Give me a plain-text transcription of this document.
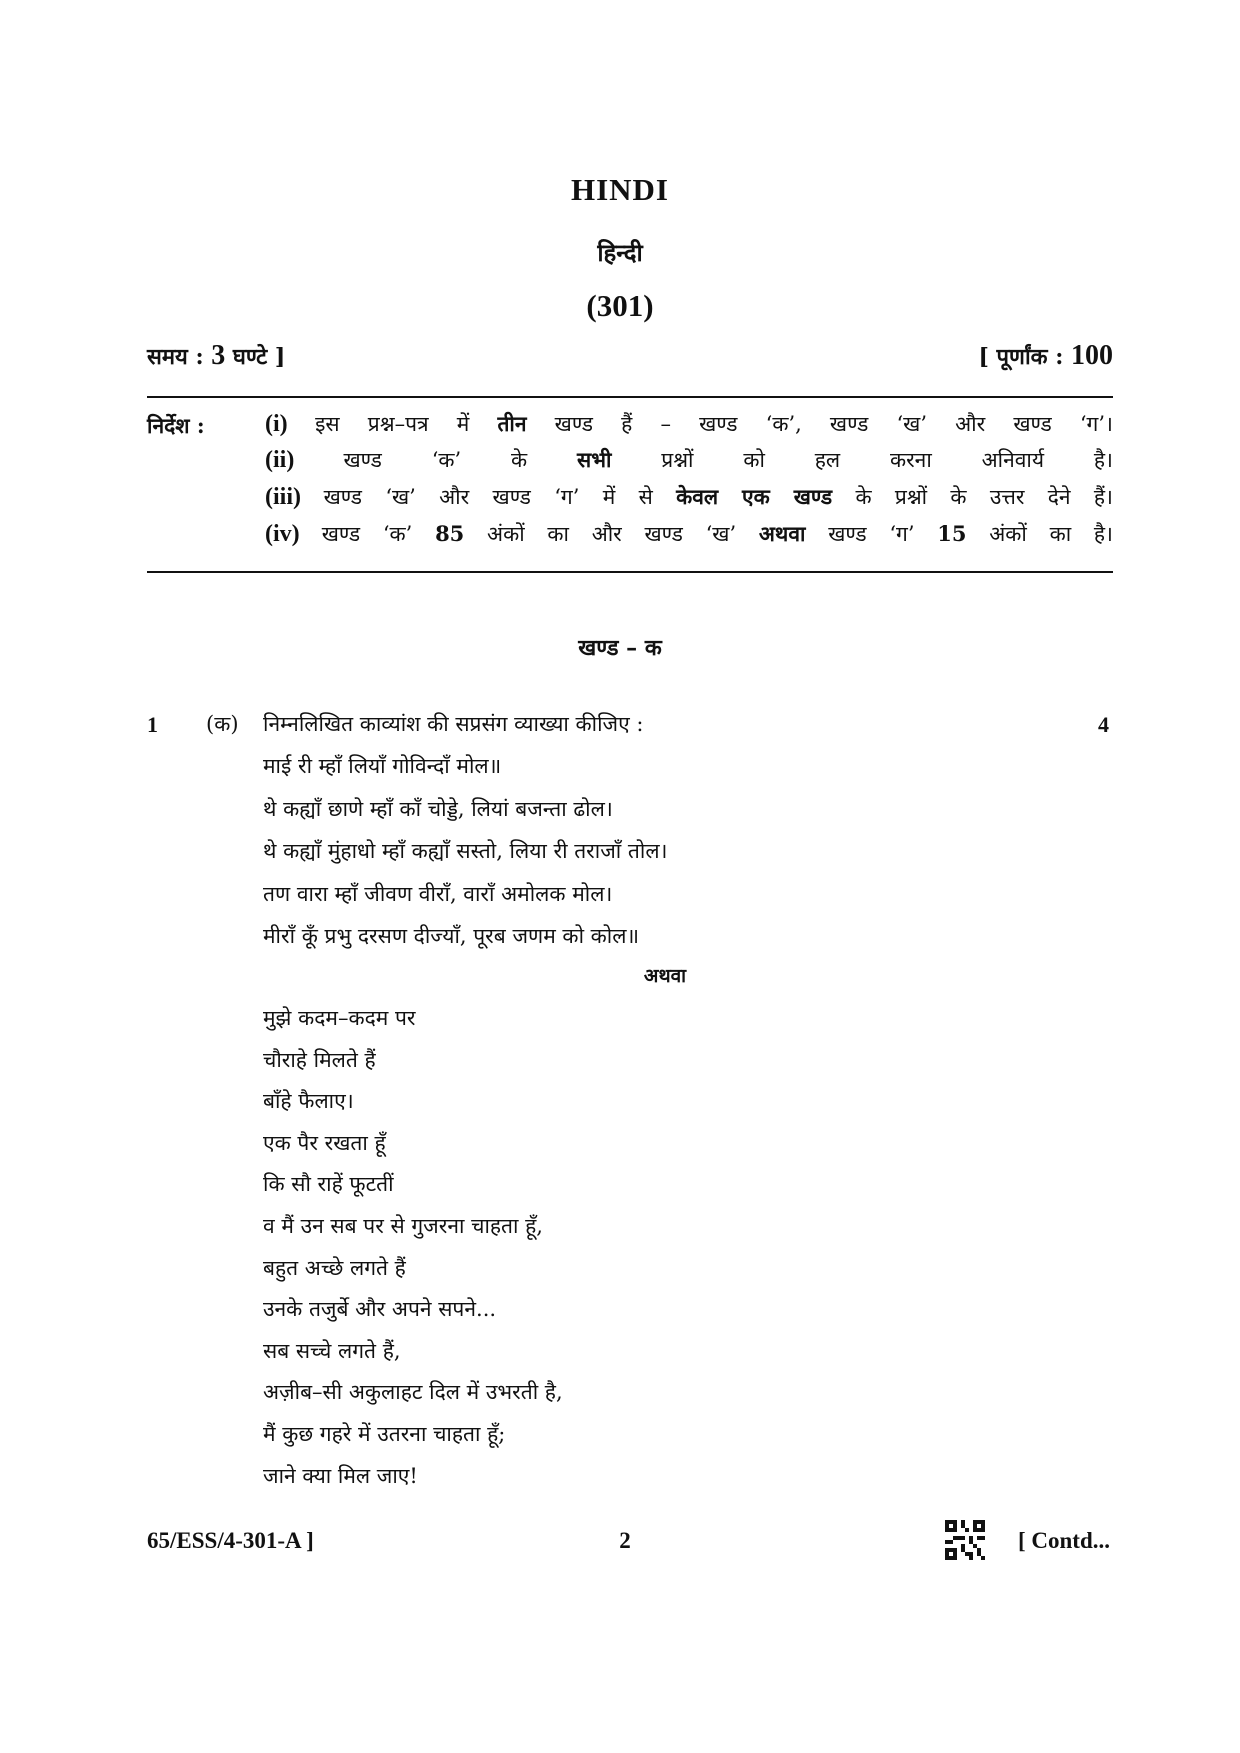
HINDI
हिन्दी
(301)
समय : 3 घण्टे ]	[ पूर्णांक : 100
निर्देश :	(i) इस प्रश्न–पत्र में तीन खण्ड हैं – खण्ड ‘क’, खण्ड ‘ख’ और खण्ड ‘ग’।
(ii) खण्ड ‘क’ के सभी प्रश्नों को हल करना अनिवार्य है।
(iii) खण्ड ‘ख’ और खण्ड ‘ग’ में से केवल एक खण्ड के प्रश्नों के उत्तर देने हैं।
(iv) खण्ड ‘क’ 85 अंकों का और खण्ड ‘ख’ अथवा खण्ड ‘ग’ 15 अंकों का है।
खण्ड – क
1 (क) निम्नलिखित काव्यांश की सप्रसंग व्याख्या कीजिए :	4
माई री म्हाँ लियाँ गोविन्दाँ मोल॥
थे कह्याँ छाणे म्हाँ काँ चोड्डे, लियां बजन्ता ढोल।
थे कह्याँ मुंहाधो म्हाँ कह्याँ सस्तो, लिया री तराजाँ तोल।
तण वारा म्हाँ जीवण वीराँ, वाराँ अमोलक मोल।
मीराँ कूँ प्रभु दरसण दीज्याँ, पूरब जणम को कोल॥
अथवा
मुझे कदम–कदम पर
चौराहे मिलते हैं
बाँहे फैलाए।
एक पैर रखता हूँ
कि सौ राहें फूटतीं
व मैं उन सब पर से गुजरना चाहता हूँ,
बहुत अच्छे लगते हैं
उनके तजुर्बे और अपने सपने...
सब सच्चे लगते हैं,
अज़ीब–सी अकुलाहट दिल में उभरती है,
मैं कुछ गहरे में उतरना चाहता हूँ;
जाने क्या मिल जाए!
65/ESS/4-301-A ]	2	[ Contd...
